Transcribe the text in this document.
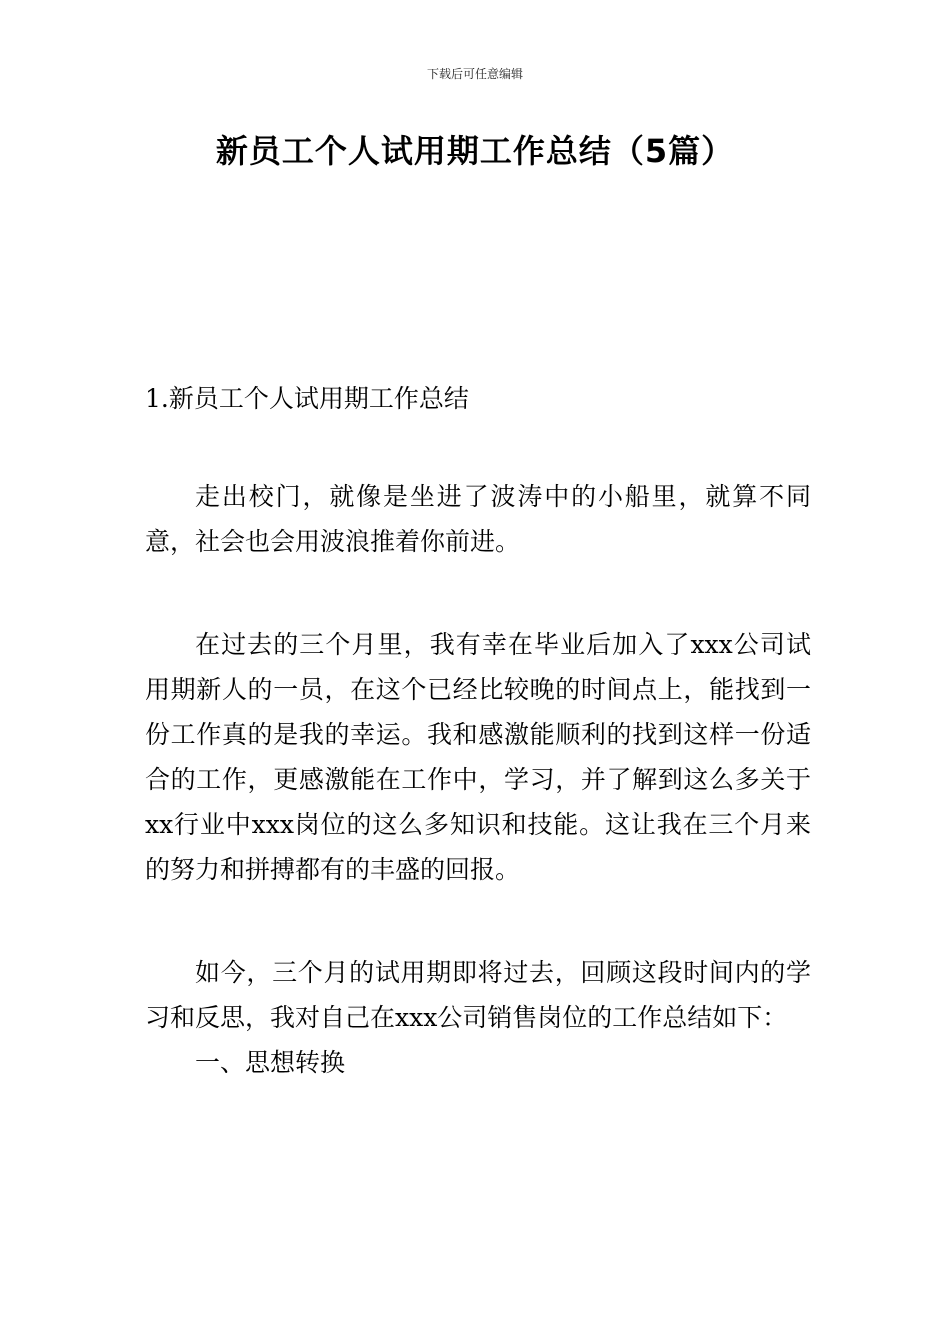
下载后可任意编辑
新员工个人试用期工作总结（5篇）

1.新员工个人试用期工作总结

走出校门，就像是坐进了波涛中的小船里，就算不同意，社会也会用波浪推着你前进。

在过去的三个月里，我有幸在毕业后加入了xxx公司试用期新人的一员，在这个已经比较晚的时间点上，能找到一份工作真的是我的幸运。我和感激能顺利的找到这样一份适合的工作，更感激能在工作中，学习，并了解到这么多关于xx行业中xxx岗位的这么多知识和技能。这让我在三个月来的努力和拼搏都有的丰盛的回报。

如今，三个月的试用期即将过去，回顾这段时间内的学习和反思，我对自己在xxx公司销售岗位的工作总结如下：

一、思想转换
